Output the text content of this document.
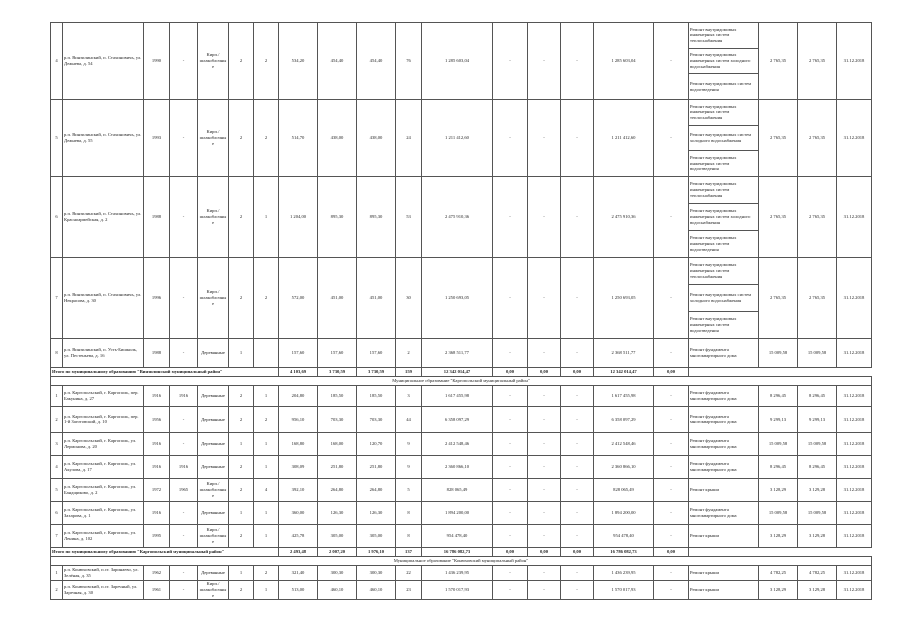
4	р.п. Винзилинский, п. Стахиновичь, ул. Дежнева, д. 54	1990	-	Кирп./ шлакоблочные	2	2	534,20	454,40	454,40	76	1 285 603,04	-	-	-	1 285 603,04	-	Ремонт внутридомовых инженерных систем теплоснабжения	2 765,35	2 765,35	31.12.2018
																	Ремонт внутридомовых инженерных систем холодного водоснабжения			
																	Ремонт внутридомовых систем водоотведения			
5	р.п. Винзилинский, п. Стахиновичь, ул. Дежнева, д. 55	1993	-	Кирп./ шлакоблочные	2	2	514,70	438,00	438,00	24	1 211 412,60	-	-	-	1 211 412,60	-	Ремонт внутридомовых инженерных систем теплоснабжения	2 765,35	2 765,35	31.12.2018
																	Ремонт внутридомовых систем холодного водоснабжения			
																	Ремонт внутридомовых инженерных систем водоотведения			
6	р.п. Винзилинский, п. Стахиновичь, ул. Красноармейская, д. 2	1988	-	Кирп./ шлакоблочные	2	1	1 204,00	895,30	895,30	53	2 475 910,36	-	-	-	2 475 910,36	-	Ремонт внутридомовых инженерных систем теплоснабжения	2 765,35	2 765,35	31.12.2018
																	Ремонт внутридомовых инженерных систем холодного водоснабжения			
																	Ремонт внутридомовых инженерных систем водоотведения			
7	р.п. Винзилинский, п. Стахиновичь, ул. Некрасова, д. 30	1996	-	Кирп./ шлакоблочные	2	2	572,00	451,00	451,00	30	1 250 693,05	-	-	-	1 250 693,05	-	Ремонт внутридомовых инженерных систем теплоснабжения	2 765,35	2 765,35	31.12.2018
																	Ремонт внутридомовых систем холодного водоснабжения			
																	Ремонт внутридомовых инженерных систем водоотведения			
8	р.п. Винзилинский, п. Усть-Бишкиль, ул. Пестеньева, д. 16	1988	-	Деревянные	1		157,60	157,60	157,60	2	2 368 511,77	-	-	-	2 368 511,77	-	Ремонт фундамента многоквартирного дома	15 009,58	15 009,58	31.12.2018
Итого по муниципальному образованию "Винзилинский муниципальный район"							4 103,69	3 730,59	3 730,59	159	12 342 014,47	0,00	0,00	0,00	12 342 014,47	0,00				
Муниципальное образование "Каргопольский муниципальный район"																				
1	р.п. Каргопольский, г. Каргополь, пер. Бакунина, д. 27	1916	1916	Деревянные	2	1	204,80	185,50	185,50	3	1 617 455,98	-	-	-	1 617 455,98	-	Ремонт фундамента многоквартирного дома	8 296,45	8 296,45	31.12.2018
2	р.п. Каргопольский, г. Каргополь, пер. 1-й Заготовский, д. 10	1956	-	Деревянные	2	2	956,10	703,30	703,30	44	6 358 097,29	-	-	-	6 358 097,29	-	Ремонт фундамента многоквартирного дома	9 299,13	9 299,13	31.12.2018
3	р.п. Каргопольский, г. Каргополь, ул. Лермонова, д. 20	1916	-	Деревянные	1	1	168,80	168,00	120,70	9	2 412 548,46	-	-	-	2 412 548,46	-	Ремонт фундамента многоквартирного дома	15 009,58	15 009,58	31.12.2018
4	р.п. Каргопольский, г. Каргополь, ул. Акулова, д. 17	1916	1916	Деревянные	2	1	308,09	251,80	251,80	9	2 360 866,10	-	-	-	2 360 866,10	-	Ремонт фундамента многоквартирного дома	8 296,45	8 296,45	31.12.2018
5	р.п. Каргопольский, г. Каргополь, ул. Бандщиково, д. 2	1972	1965	Кирп./ шлакоблочные	2	4	392,10	264,80	264,80	5	828 065,49	-	-	-	828 065,49	-	Ремонт крыши	3 128,29	3 129,28	31.12.2018
6	р.п. Каргопольский, г. Каргополь, ул. Захарова, д. 1	1916	-	Деревянные	1	1	360,00	126,30	126,30	8	1 894 200,00	-	-	-	1 894 200,00	-	Ремонт фундамента многоквартирного дома	15 009,58	15 009,58	31.12.2018
7	р.п. Каргопольский, г. Каргополь, ул. Ленина, д. 102	1995	-	Кирп./ шлакоблочные	2	1	425,78	305,00	305,00	8	954 478,40	-	-	-	954 478,40	-	Ремонт крыши	3 128,29	3 129,28	31.12.2018
Итого по муниципальному образованию "Каргопольский муниципальный район"							2 493,48	2 007,20	1 976,10	137	16 786 082,73	0,00	0,00	0,00	16 786 082,73	0,00				
Муниципальное образование "Конюховский муниципальный район"																				
1	р.п. Конюховский, п.ст. Заринаево, ул. Зелёная, д. 35	1962	-	Деревянные	1	2	321,40	300,30	300,30	22	1 436 239,95	-	-	-	1 436 239,95	-	Ремонт крыши	4 782,25	4 782,25	31.12.2018
2	р.п. Конюховский, п.ст. Заречный, ул. Заречная, д. 30	1961	-	Кирп./ шлакоблочные	2	1	513,00	460,10	460,10	23	1 570 017,93	-	-	-	1 570 017,93	-	Ремонт крыши	3 128,29	3 129,28	31.12.2018
